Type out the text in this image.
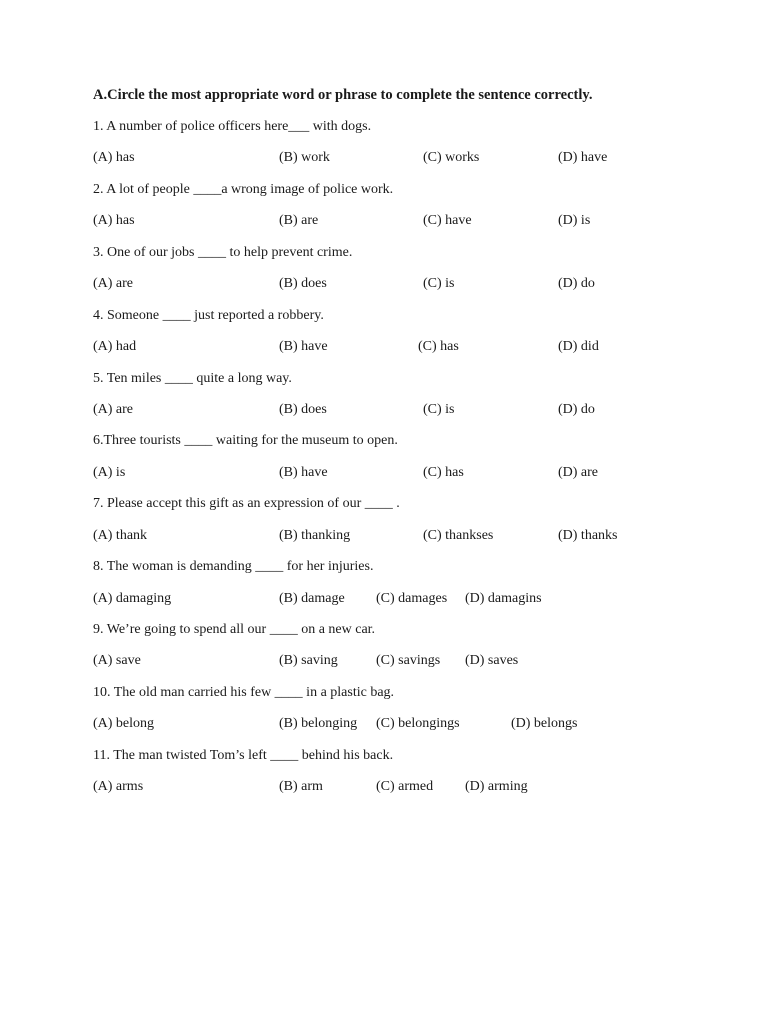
A.Circle the most appropriate word or phrase to complete the sentence correctly.
1. A number of police officers here___ with dogs.
(A) has	(B) work	(C) works	(D) have
2. A lot of people ____a wrong image of police work.
(A) has	(B) are	(C) have	(D) is
3. One of our jobs ____ to help prevent crime.
(A) are	(B) does	(C) is	(D) do
4. Someone ____ just reported a robbery.
(A) had	(B) have	(C) has	(D) did
5. Ten miles ____ quite a long way.
(A) are	(B) does	(C) is	(D) do
6.Three tourists ____ waiting for the museum to open.
(A) is	(B) have	(C) has	(D) are
7. Please accept this gift as an expression of our ____ .
(A) thank	(B) thanking	(C) thankses	(D) thanks
8. The woman is demanding ____ for her injuries.
(A) damaging	(B) damage (C) damages (D) damagins
9. We’re going to spend all our ____ on a new car.
(A) save	(B) saving	(C) savings (D) saves
10. The old man carried his few ____ in a plastic bag.
(A) belong	(B) belonging (C) belongings	(D) belongs
11. The man twisted Tom’s left ____ behind his back.
(A) arms	(B) arm	(C) armed (D) arming
